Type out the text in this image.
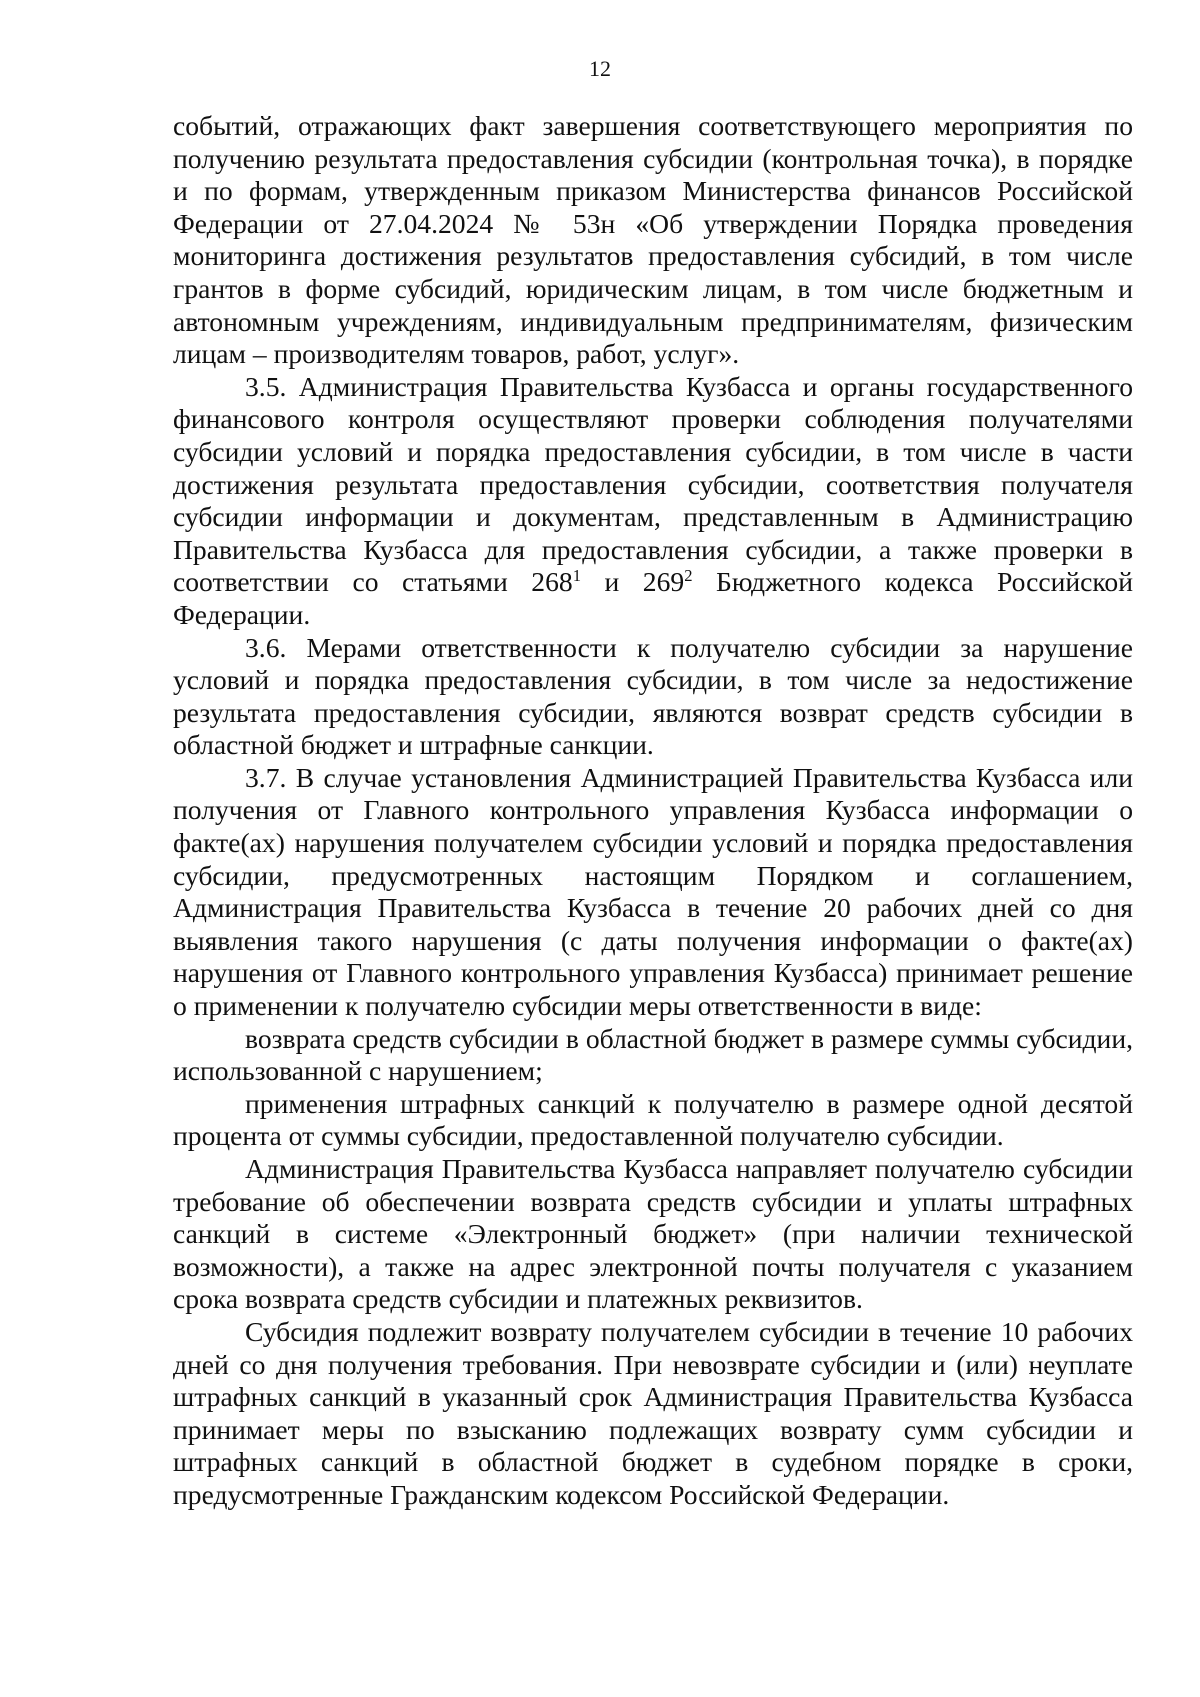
12

событий, отражающих факт завершения соответствующего мероприятия по получению результата предоставления субсидии (контрольная точка), в порядке и по формам, утвержденным приказом Министерства финансов Российской Федерации от 27.04.2024 № 53н «Об утверждении Порядка проведения мониторинга достижения результатов предоставления субсидий, в том числе грантов в форме субсидий, юридическим лицам, в том числе бюджетным и автономным учреждениям, индивидуальным предпринимателям, физическим лицам – производителям товаров, работ, услуг».

3.5. Администрация Правительства Кузбасса и органы государственного финансового контроля осуществляют проверки соблюдения получателями субсидии условий и порядка предоставления субсидии, в том числе в части достижения результата предоставления субсидии, соответствия получателя субсидии информации и документам, представленным в Администрацию Правительства Кузбасса для предоставления субсидии, а также проверки в соответствии со статьями $268^1$ и $269^2$ Бюджетного кодекса Российской Федерации.

3.6. Мерами ответственности к получателю субсидии за нарушение условий и порядка предоставления субсидии, в том числе за недостижение результата предоставления субсидии, являются возврат средств субсидии в областной бюджет и штрафные санкции.

3.7. В случае установления Администрацией Правительства Кузбасса или получения от Главного контрольного управления Кузбасса информации о факте(ах) нарушения получателем субсидии условий и порядка предоставления субсидии, предусмотренных настоящим Порядком и соглашением, Администрация Правительства Кузбасса в течение 20 рабочих дней со дня выявления такого нарушения (с даты получения информации о факте(ах) нарушения от Главного контрольного управления Кузбасса) принимает решение о применении к получателю субсидии меры ответственности в виде:

возврата средств субсидии в областной бюджет в размере суммы субсидии, использованной с нарушением;

применения штрафных санкций к получателю в размере одной десятой процента от суммы субсидии, предоставленной получателю субсидии.

Администрация Правительства Кузбасса направляет получателю субсидии требование об обеспечении возврата средств субсидии и уплаты штрафных санкций в системе «Электронный бюджет» (при наличии технической возможности), а также на адрес электронной почты получателя с указанием срока возврата средств субсидии и платежных реквизитов.

Субсидия подлежит возврату получателем субсидии в течение 10 рабочих дней со дня получения требования. При невозврате субсидии и (или) неуплате штрафных санкций в указанный срок Администрация Правительства Кузбасса принимает меры по взысканию подлежащих возврату сумм субсидии и штрафных санкций в областной бюджет в судебном порядке в сроки, предусмотренные Гражданским кодексом Российской Федерации.
